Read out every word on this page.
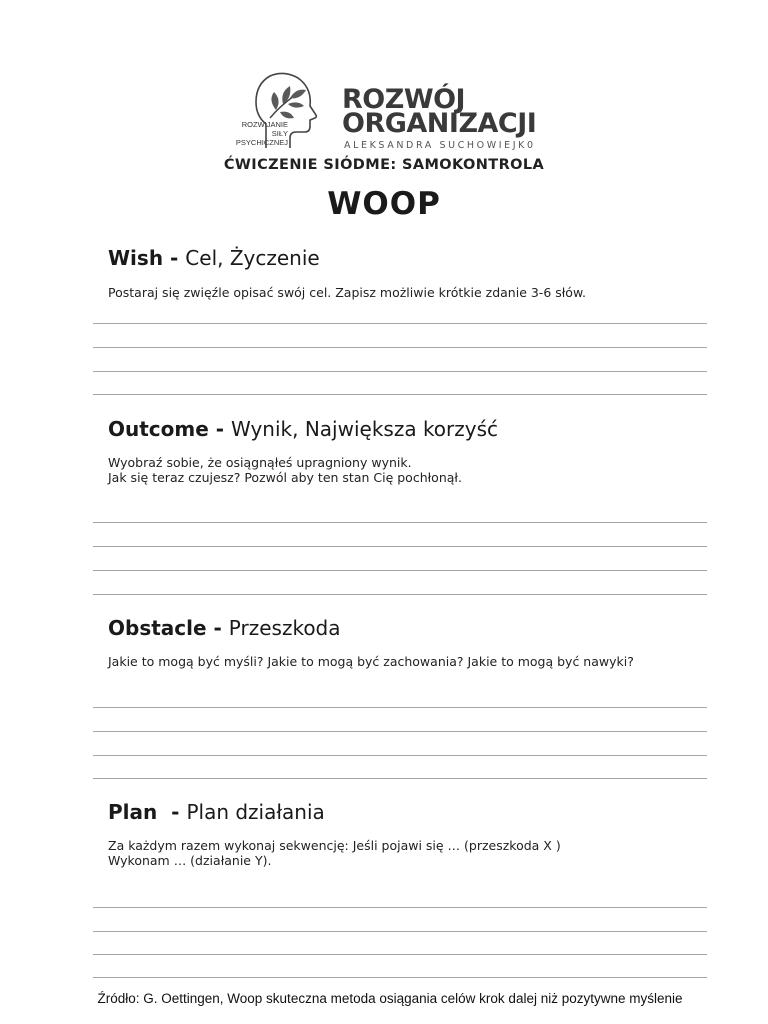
ROZWIJANIE
SIŁY
PSYCHICZNEJ
ROZWÓJ
ORGANIZACJI
ALEKSANDRA SUCHOWIEJK0
ĆWICZENIE SIÓDME: SAMOKONTROLA
WOOP
Wish - Cel, Życzenie
Postaraj się zwięźle opisać swój cel. Zapisz możliwie krótkie zdanie 3-6 słów.
Outcome - Wynik, Największa korzyść
Wyobraź sobie, że osiągnąłeś upragniony wynik.
Jak się teraz czujesz? Pozwól aby ten stan Cię pochłonął.
Obstacle - Przeszkoda
Jakie to mogą być myśli? Jakie to mogą być zachowania? Jakie to mogą być nawyki?
Plan  - Plan działania
Za każdym razem wykonaj sekwencję: Jeśli pojawi się … (przeszkoda X )
Wykonam … (działanie Y).
Źródło: G. Oettingen, Woop skuteczna metoda osiągania celów krok dalej niż pozytywne myślenie
